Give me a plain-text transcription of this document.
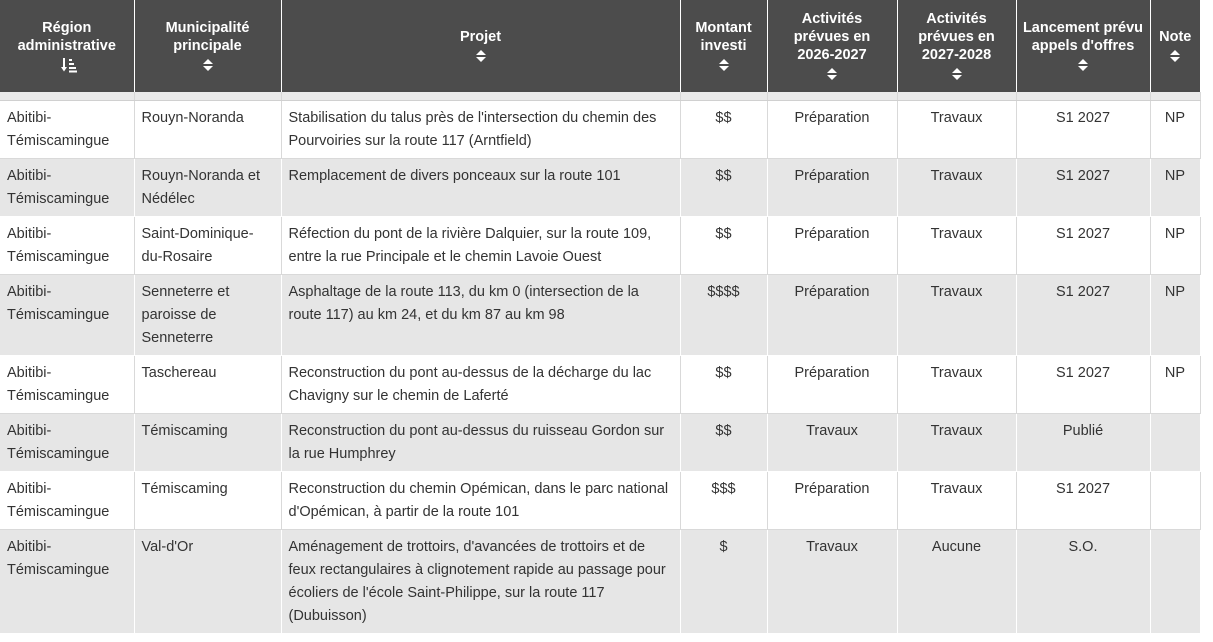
Région administrative	Municipalité principale	Projet	Montant investi	Activités prévues en 2026-2027	Activités prévues en 2027-2028	Lancement prévu appels d'offres	Note

Abitibi-Témiscamingue	Rouyn-Noranda	Stabilisation du talus près de l'intersection du chemin des Pourvoiries sur la route 117 (Arntfield)	$$	Préparation	Travaux	S1 2027	NP
Abitibi-Témiscamingue	Rouyn-Noranda et Nédélec	Remplacement de divers ponceaux sur la route 101	$$	Préparation	Travaux	S1 2027	NP
Abitibi-Témiscamingue	Saint-Dominique-du-Rosaire	Réfection du pont de la rivière Dalquier, sur la route 109, entre la rue Principale et le chemin Lavoie Ouest	$$	Préparation	Travaux	S1 2027	NP
Abitibi-Témiscamingue	Senneterre et paroisse de Senneterre	Asphaltage de la route 113, du km 0 (intersection de la route 117) au km 24, et du km 87 au km 98	$$$$	Préparation	Travaux	S1 2027	NP
Abitibi-Témiscamingue	Taschereau	Reconstruction du pont au-dessus de la décharge du lac Chavigny sur le chemin de Laferté	$$	Préparation	Travaux	S1 2027	NP
Abitibi-Témiscamingue	Témiscaming	Reconstruction du pont au-dessus du ruisseau Gordon sur la rue Humphrey	$$	Travaux	Travaux	Publié	
Abitibi-Témiscamingue	Témiscaming	Reconstruction du chemin Opémican, dans le parc national d'Opémican, à partir de la route 101	$$$	Préparation	Travaux	S1 2027	
Abitibi-Témiscamingue	Val-d'Or	Aménagement de trottoirs, d'avancées de trottoirs et de feux rectangulaires à clignotement rapide au passage pour écoliers de l'école Saint-Philippe, sur la route 117 (Dubuisson)	$	Travaux	Aucune	S.O.	
